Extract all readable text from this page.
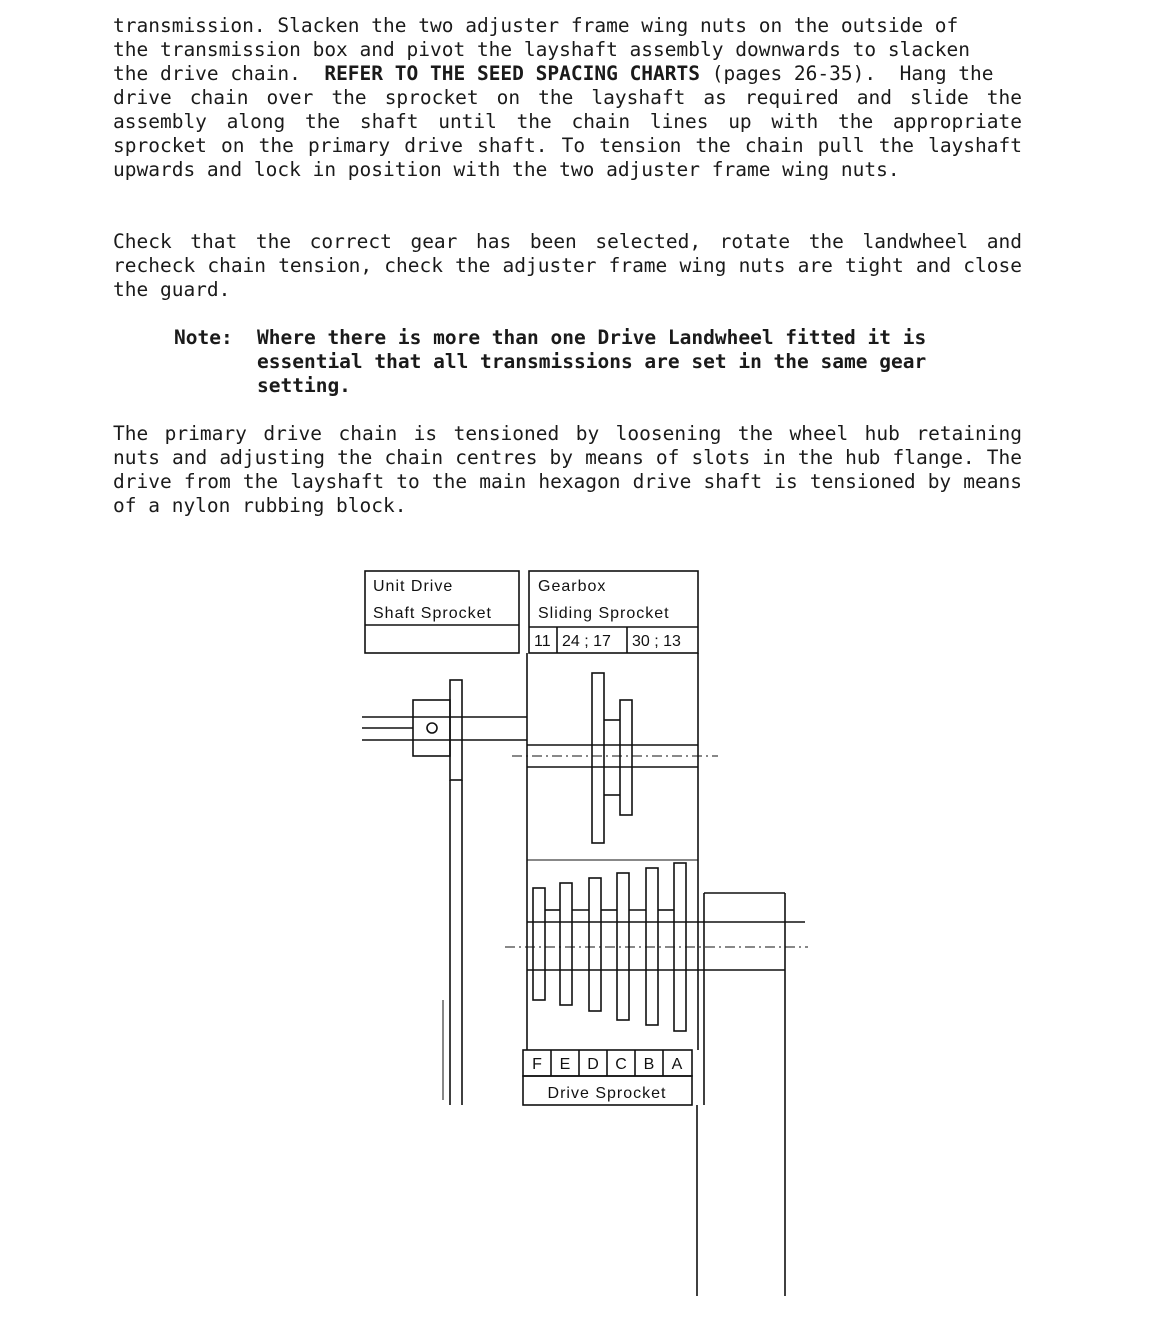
transmission. Slacken the two adjuster frame wing nuts on the outside of
the transmission box and pivot the layshaft assembly downwards to slacken
the drive chain.  REFER TO THE SEED SPACING CHARTS (pages 26-35).  Hang the
drive chain over the sprocket on the layshaft as required and slide the assembly along the shaft until the chain lines up with the appropriate sprocket on the primary drive shaft. To tension the chain pull the layshaft upwards and lock in position with the two adjuster frame wing nuts.
Check that the correct gear has been selected, rotate the landwheel and recheck chain tension, check the adjuster frame wing nuts are tight and close the guard.
Note: Where there is more than one Drive Landwheel fitted it is essential that all transmissions are set in the same gear setting.
The primary drive chain is tensioned by loosening the wheel hub retaining nuts and adjusting the chain centres by means of slots in the hub flange. The drive from the layshaft to the main hexagon drive shaft is tensioned by means of a nylon rubbing block.
Unit Drive
Shaft Sprocket
Gearbox
Sliding Sprocket
11 24 ; 17 30 ; 13
F E D C B A
Drive Sprocket
